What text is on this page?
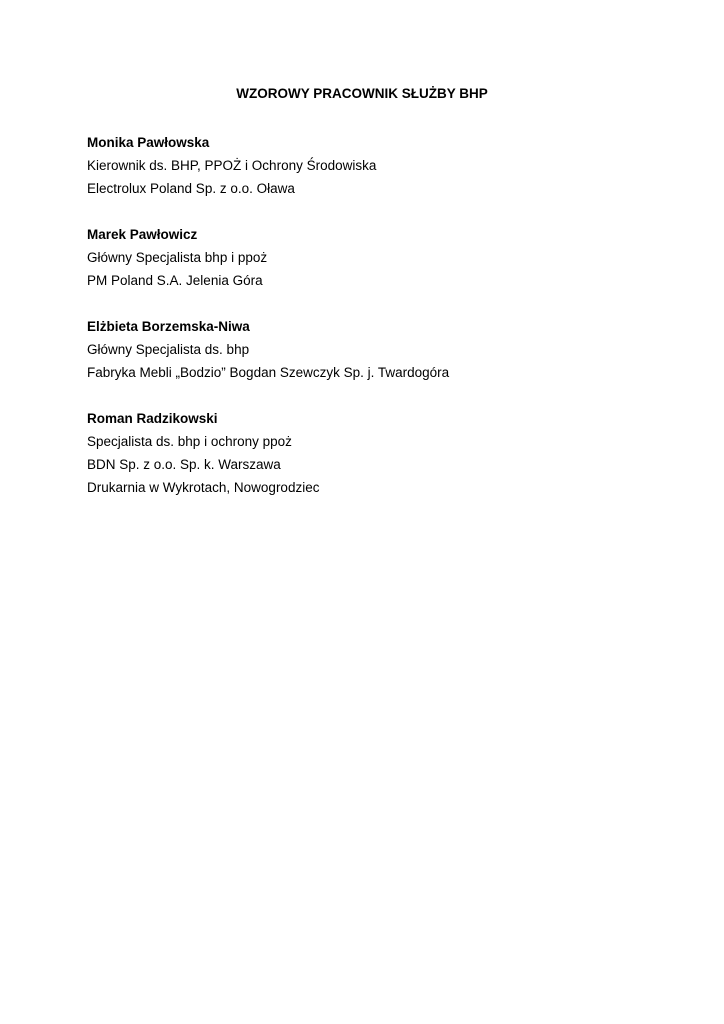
WZOROWY PRACOWNIK SŁUŻBY BHP
Monika Pawłowska
Kierownik ds. BHP, PPOŻ i Ochrony Środowiska
Electrolux Poland Sp. z o.o. Oława
Marek Pawłowicz
Główny Specjalista bhp i ppoż
PM Poland S.A. Jelenia Góra
Elżbieta Borzemska-Niwa
Główny Specjalista ds. bhp
Fabryka Mebli „Bodzio” Bogdan Szewczyk Sp. j. Twardogóra
Roman Radzikowski
Specjalista ds. bhp i ochrony ppoż
BDN Sp. z o.o. Sp. k. Warszawa
Drukarnia w Wykrotach, Nowogrodziec
